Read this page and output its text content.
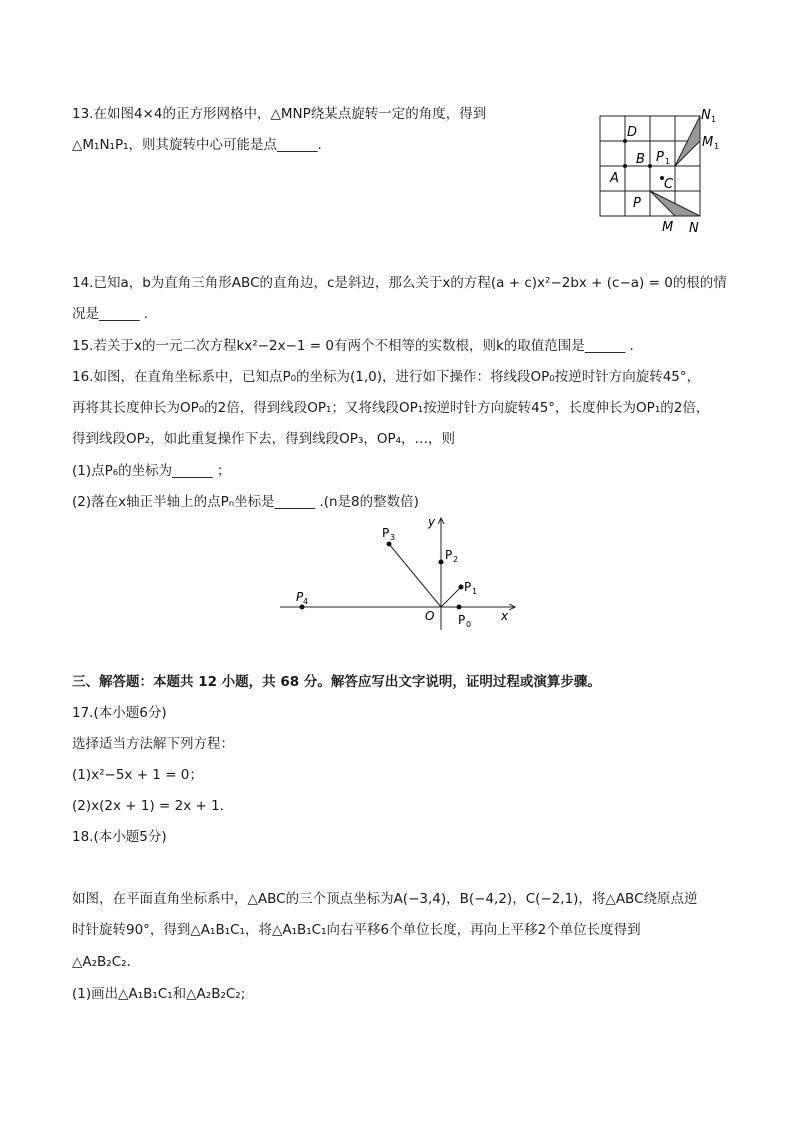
13.在如图4×4的正方形网格中，△MNP绕某点旋转一定的角度，得到
△M₁N₁P₁，则其旋转中心可能是点______.
D
B P 1
C
A
P
M N
N 1
M 1
14.已知a，b为直角三角形ABC的直角边，c是斜边，那么关于x的方程(a + c)x²−2bx + (c−a) = 0的根的情
况是______ .
15.若关于x的一元二次方程kx²−2x−1 = 0有两个不相等的实数根，则k的取值范围是______ .
16.如图，在直角坐标系中，已知点P₀的坐标为(1,0)，进行如下操作：将线段OP₀按逆时针方向旋转45°，
再将其长度伸长为OP₀的2倍，得到线段OP₁；又将线段OP₁按逆时针方向旋转45°，长度伸长为OP₁的2倍，
得到线段OP₂，如此重复操作下去，得到线段OP₃，OP₄，…，则
(1)点P₆的坐标为______ ；
(2)落在x轴正半轴上的点Pₙ坐标是______ .(n是8的整数倍)
y
x
O P 0
P 1
P 2
P 3
P 4
三、解答题：本题共 12 小题，共 68 分。解答应写出文字说明，证明过程或演算步骤。
17.(本小题6分)
选择适当方法解下列方程：
(1)x²−5x + 1 = 0；
(2)x(2x + 1) = 2x + 1.
18.(本小题5分)
如图，在平面直角坐标系中，△ABC的三个顶点坐标为A(−3,4)，B(−4,2)，C(−2,1)，将△ABC绕原点逆
时针旋转90°，得到△A₁B₁C₁，将△A₁B₁C₁向右平移6个单位长度，再向上平移2个单位长度得到
△A₂B₂C₂.
(1)画出△A₁B₁C₁和△A₂B₂C₂;
